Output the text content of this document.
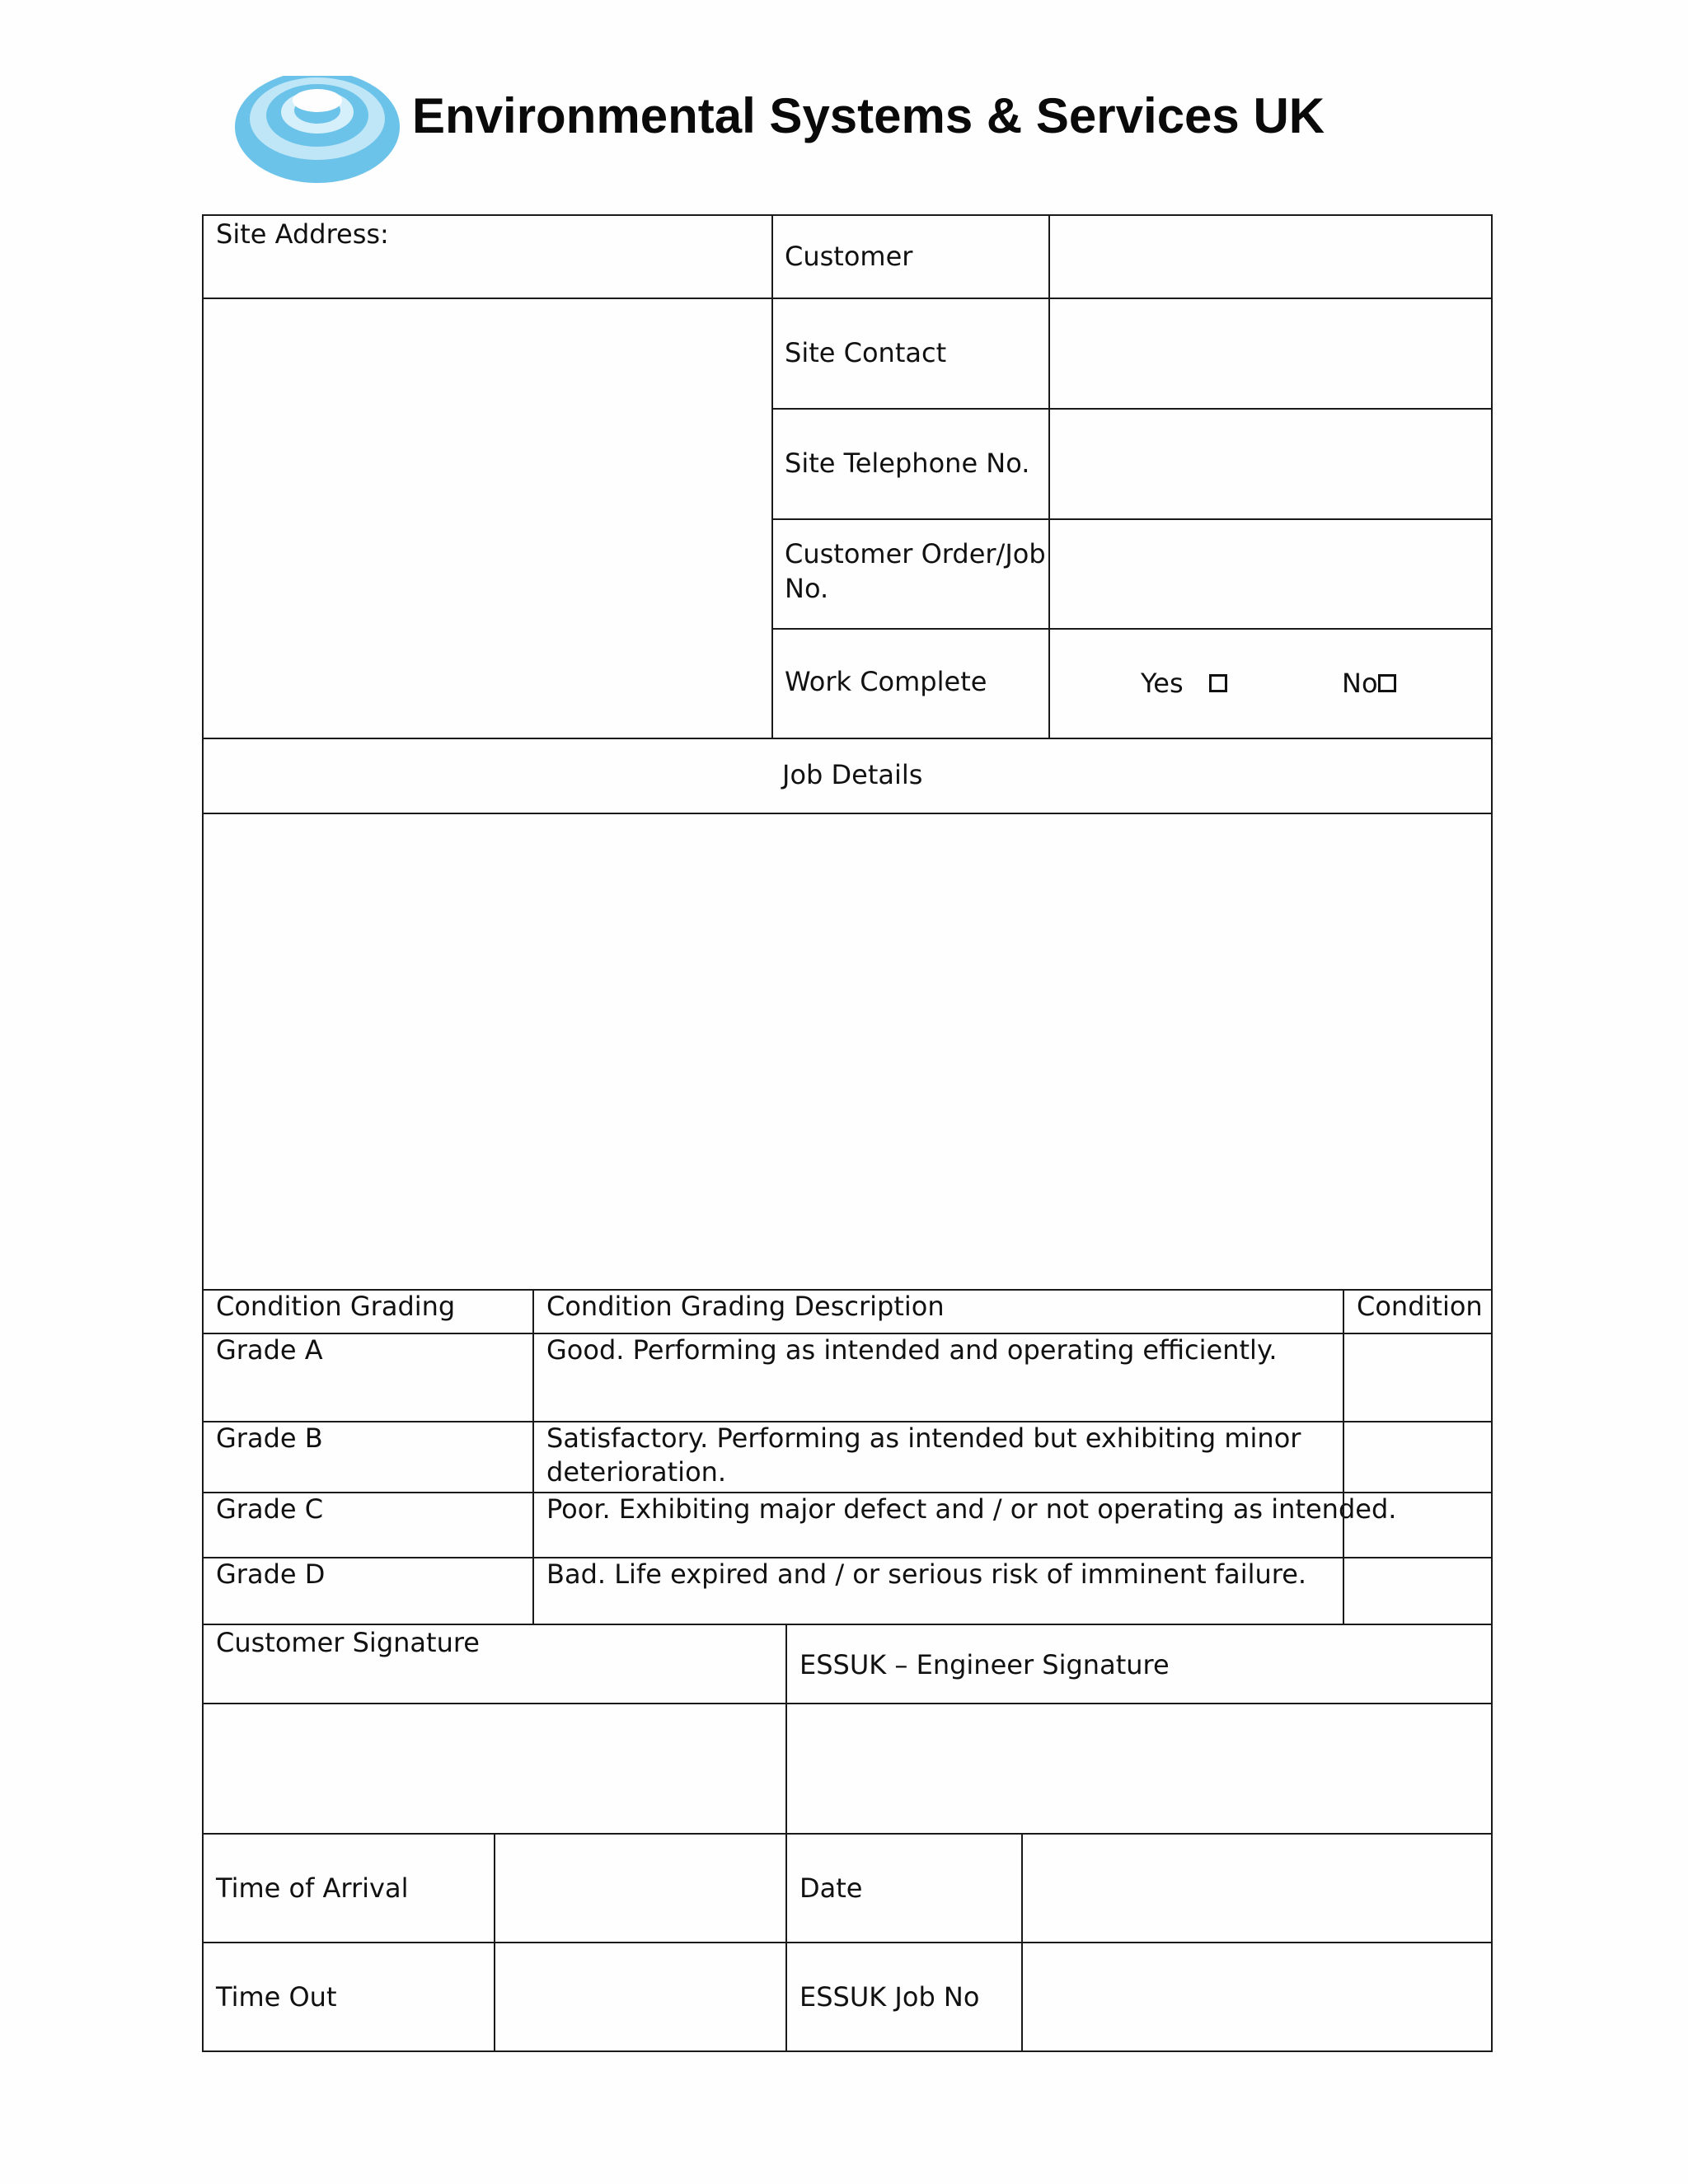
Environmental Systems & Services UK
Site Address:
Customer
Site Contact
Site Telephone No.
Customer Order/Job
No.
Work Complete	Yes	No
Job Details
Condition Grading	Condition Grading Description	Condition
Grade A	Good. Performing as intended and operating efficiently.
Grade B	Satisfactory. Performing as intended but exhibiting minor
deterioration.
Grade C	Poor. Exhibiting major defect and / or not operating as intended.
Grade D	Bad. Life expired and / or serious risk of imminent failure.
Customer Signature
ESSUK – Engineer Signature
Time of Arrival	Date
Time Out	ESSUK Job No
